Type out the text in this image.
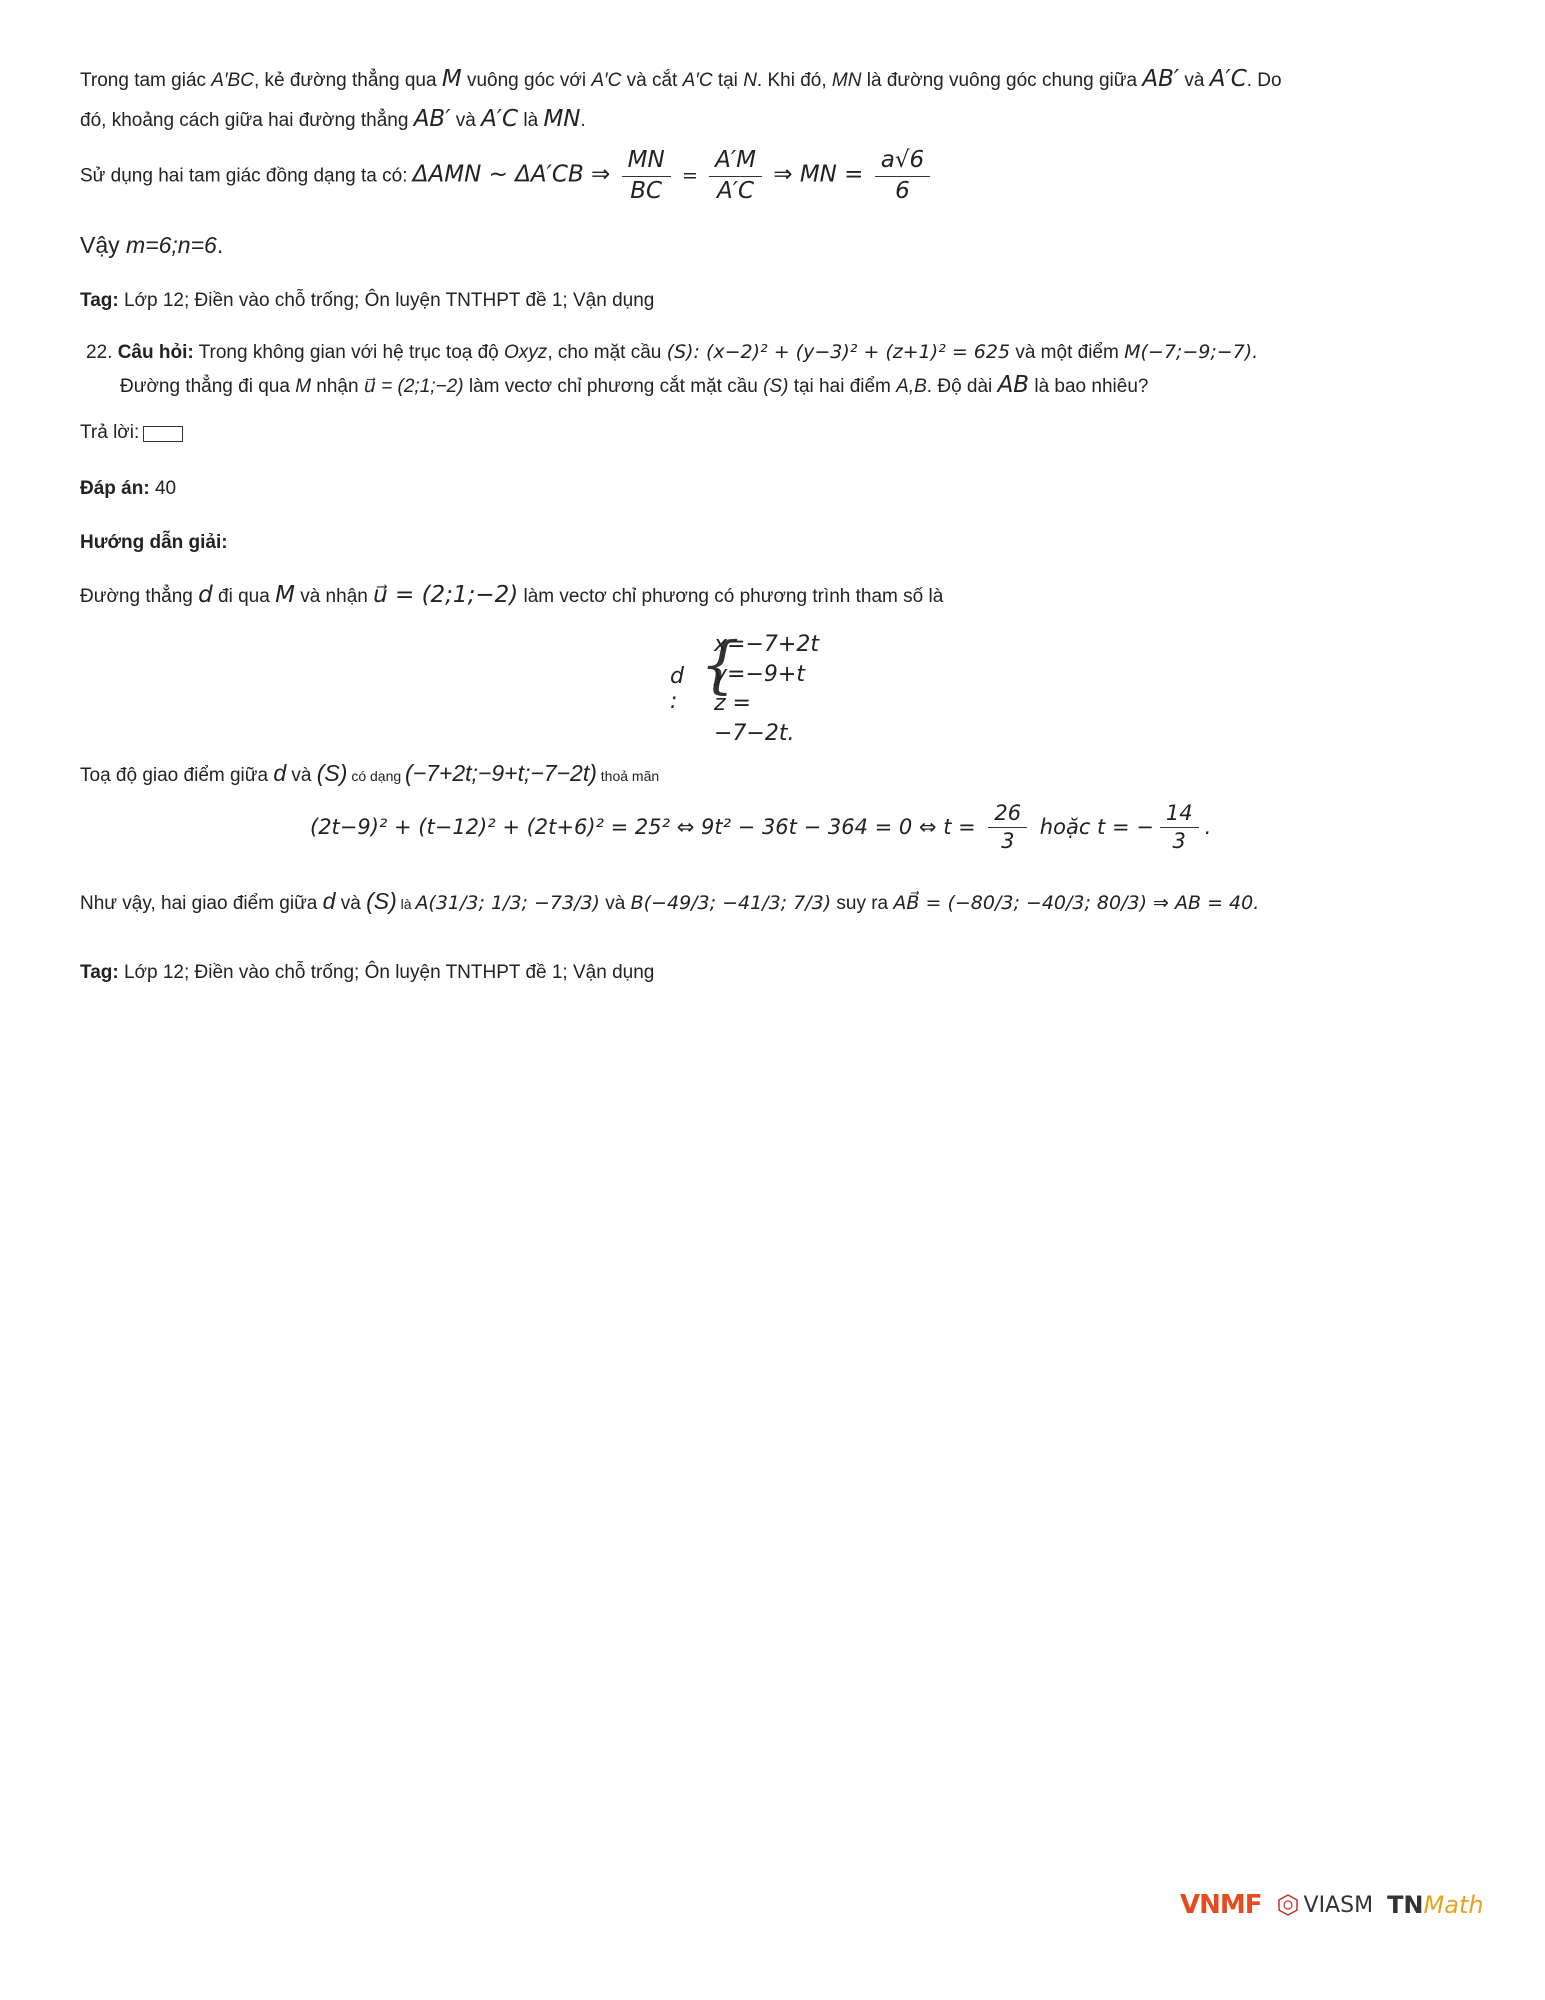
Trong tam giác A′BC, kẻ đường thẳng qua M vuông góc với A′C và cắt A′C tại N. Khi đó, MN là đường vuông góc chung giữa AB′ và A′C. Do
đó, khoảng cách giữa hai đường thẳng AB′ và A′C là MN.
Sử dụng hai tam giác đồng dạng ta có: ΔAMN ~ ΔA′CB ⇒ $\frac{MN}{BC} = \frac{A'M}{A'C}$ ⇒ MN = $\frac{a√6}{6}$
Vậy m=6;n=6.
Tag: Lớp 12; Điền vào chỗ trống; Ôn luyện TNTHPT đề 1; Vận dụng
22. Câu hỏi: Trong không gian với hệ trục toạ độ Oxyz, cho mặt cầu (S): (x−2)² + (y−3)² + (z+1)² = 625 và một điểm M(−7;−9;−7).
Đường thẳng đi qua M nhận u⃗ = (2;1;−2) làm vectơ chỉ phương cắt mặt cầu (S) tại hai điểm A,B. Độ dài AB là bao nhiêu?
Trả lời:
Đáp án: 40
Hướng dẫn giải:
Đường thẳng d đi qua M và nhận u⃗ = (2;1;−2) làm vectơ chỉ phương có phương trình tham số là
d :
{
x=−7+2t
y=−9+t
z = −7−2t.
Toạ độ giao điểm giữa d và (S) có dạng (−7+2t;−9+t;−7−2t) thoả mãn
(2t−9)² + (t−12)² + (2t+6)² = 25² ⇔ 9t² − 36t − 364 = 0 ⇔ $t = \frac{26}{3}$ hoặc t = − $\frac{14}{3}$ .
Như vậy, hai giao điểm giữa d và (S) là A(31/3; 1/3; −73/3) và B(−49/3; −41/3; 7/3) suy ra AB⃗ = (−80/3; −40/3; 80/3) ⇒ AB = 40.
Tag: Lớp 12; Điền vào chỗ trống; Ôn luyện TNTHPT đề 1; Vận dụng
VNMF VIASM TNMath
